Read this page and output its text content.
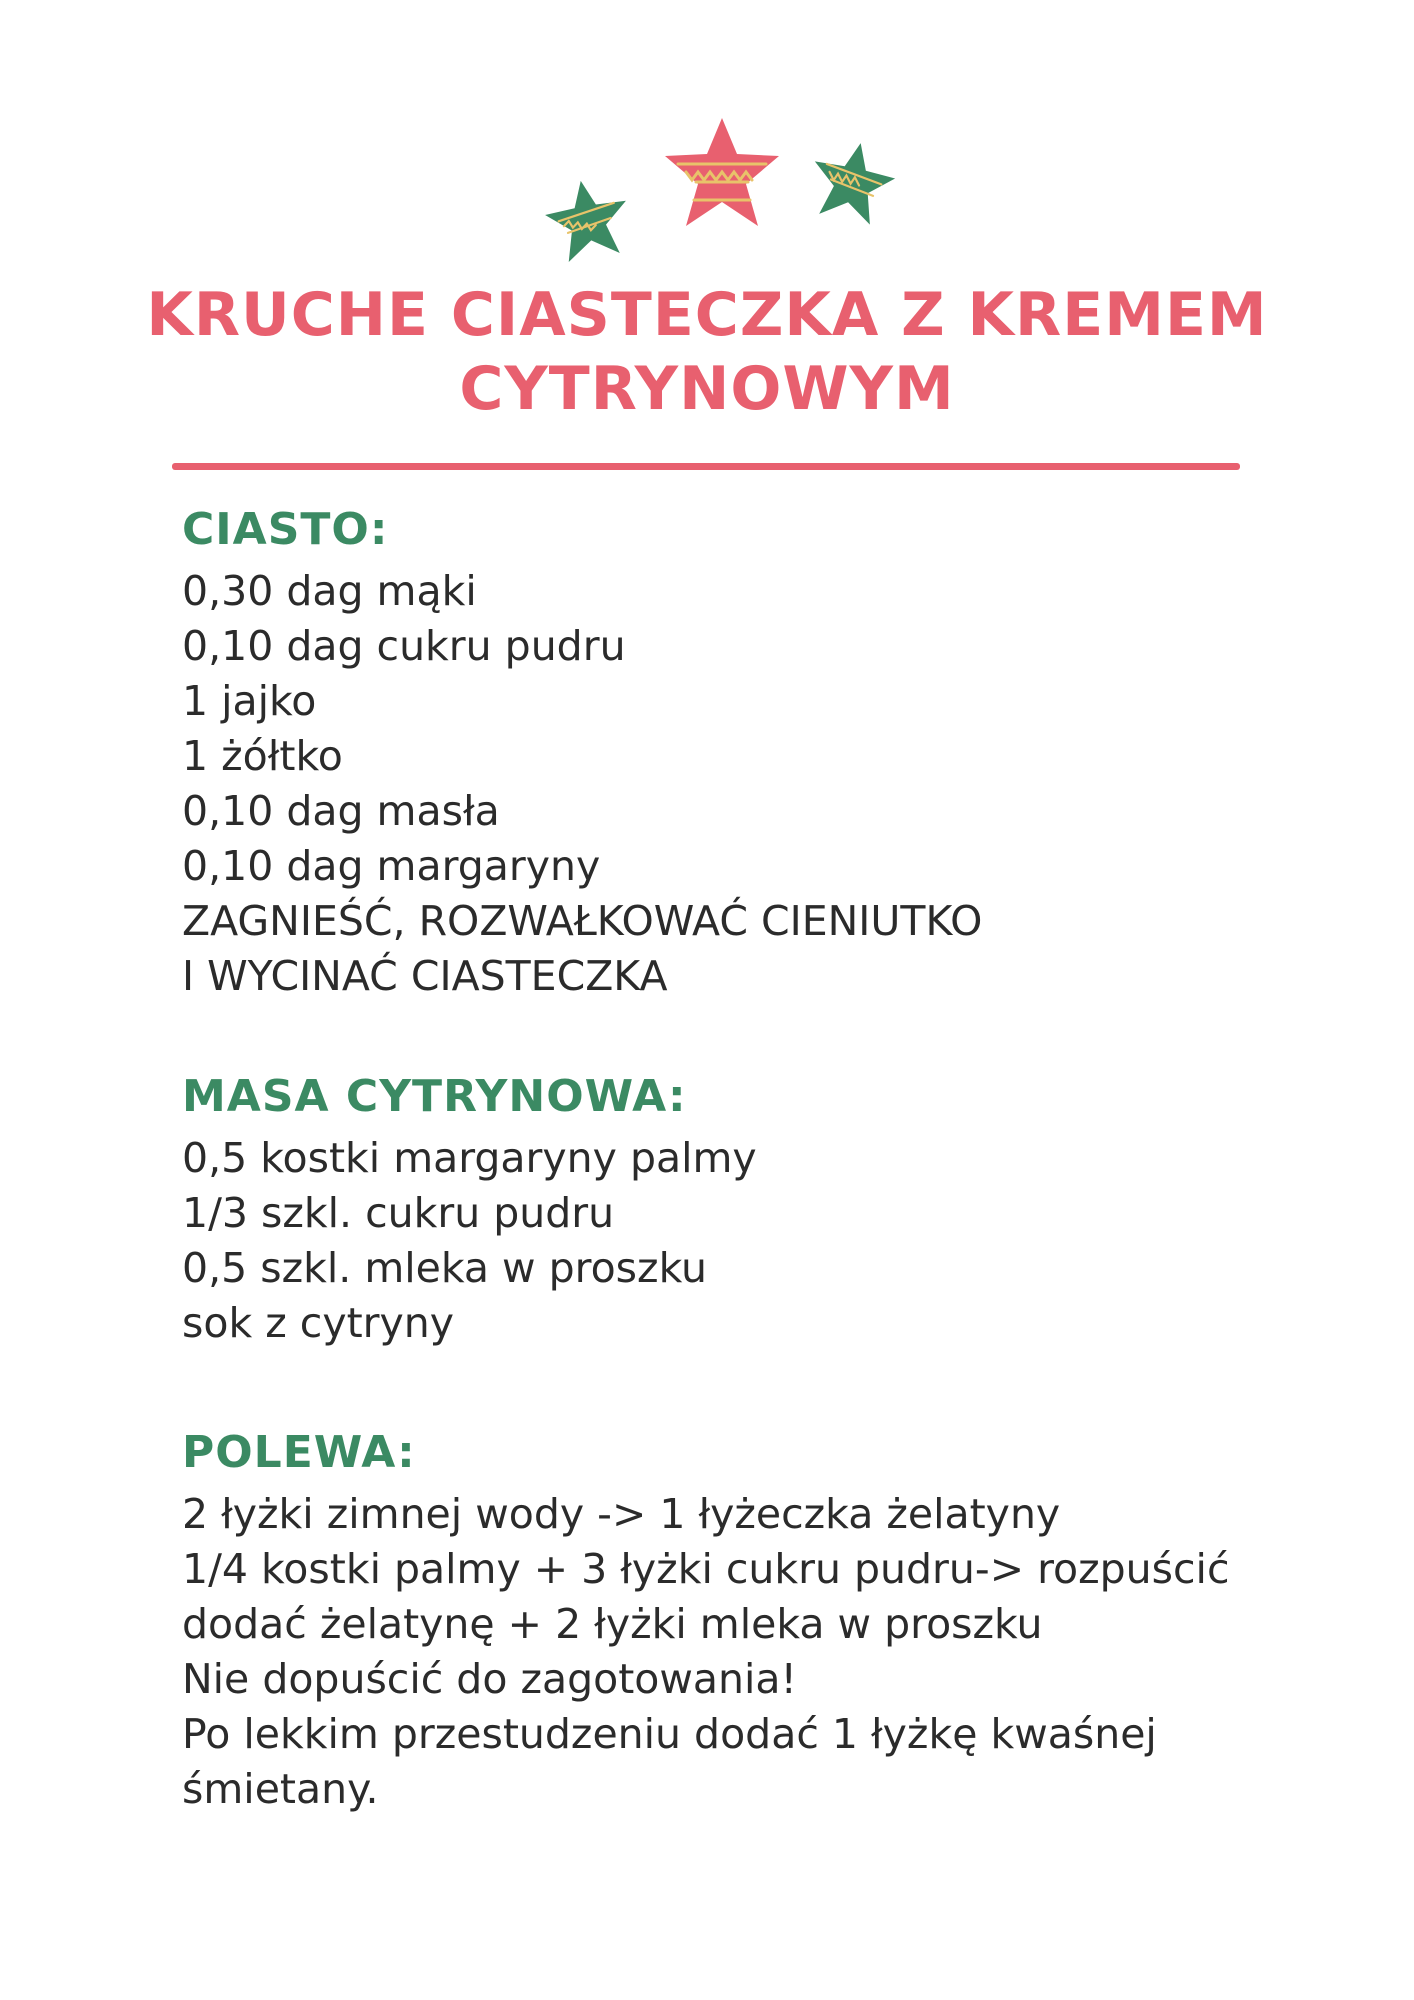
KRUCHE CIASTECZKA Z KREMEM
CYTRYNOWYM
CIASTO:
0,30 dag mąki
0,10 dag cukru pudru
1 jajko
1 żółtko
0,10 dag masła
0,10 dag margaryny
ZAGNIEŚĆ, ROZWAŁKOWAĆ CIENIUTKO
I WYCINAĆ CIASTECZKA
MASA CYTRYNOWA:
0,5 kostki margaryny palmy
1/3 szkl. cukru pudru
0,5 szkl. mleka w proszku
sok z cytryny
POLEWA:
2 łyżki zimnej wody -> 1 łyżeczka żelatyny
1/4 kostki palmy + 3 łyżki cukru pudru-> rozpuścić
dodać żelatynę + 2 łyżki mleka w proszku
Nie dopuścić do zagotowania!
Po lekkim przestudzeniu dodać 1 łyżkę kwaśnej
śmietany.
